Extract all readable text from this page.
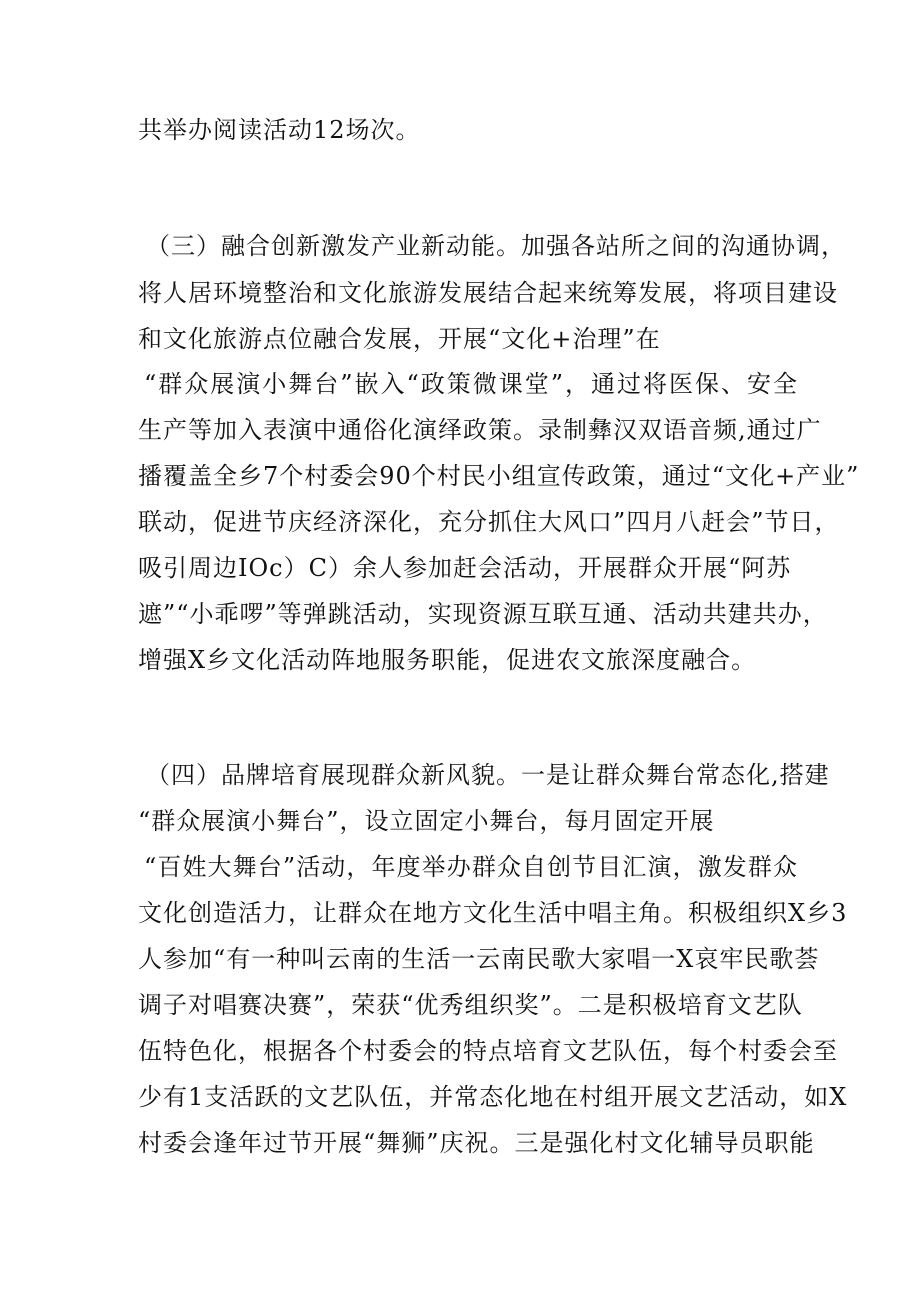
共举办阅读活动12场次。
（三）融合创新激发产业新动能。加强各站所之间的沟通协调，
将人居环境整治和文化旅游发展结合起来统筹发展，将项目建设
和文化旅游点位融合发展，开展“文化+治理”在
“群众展演小舞台”嵌入“政策微课堂”，通过将医保、安全
生产等加入表演中通俗化演绎政策。录制彝汉双语音频,通过广
播覆盖全乡7个村委会90个村民小组宣传政策，通过“文化+产业”
联动，促进节庆经济深化，充分抓住大风口”四月八赶会”节日，
吸引周边IOc）C）余人参加赶会活动，开展群众开展“阿苏
遮”“小乖啰”等弹跳活动，实现资源互联互通、活动共建共办，
增强X乡文化活动阵地服务职能，促进农文旅深度融合。
（四）品牌培育展现群众新风貌。一是让群众舞台常态化,搭建
“群众展演小舞台”，设立固定小舞台，每月固定开展
“百姓大舞台”活动，年度举办群众自创节目汇演，激发群众
文化创造活力，让群众在地方文化生活中唱主角。积极组织X乡3
人参加“有一种叫云南的生活一云南民歌大家唱一X哀牢民歌荟
调子对唱赛决赛”，荣获“优秀组织奖”。二是积极培育文艺队
伍特色化，根据各个村委会的特点培育文艺队伍，每个村委会至
少有1支活跃的文艺队伍，并常态化地在村组开展文艺活动，如X
村委会逢年过节开展“舞狮”庆祝。三是强化村文化辅导员职能
